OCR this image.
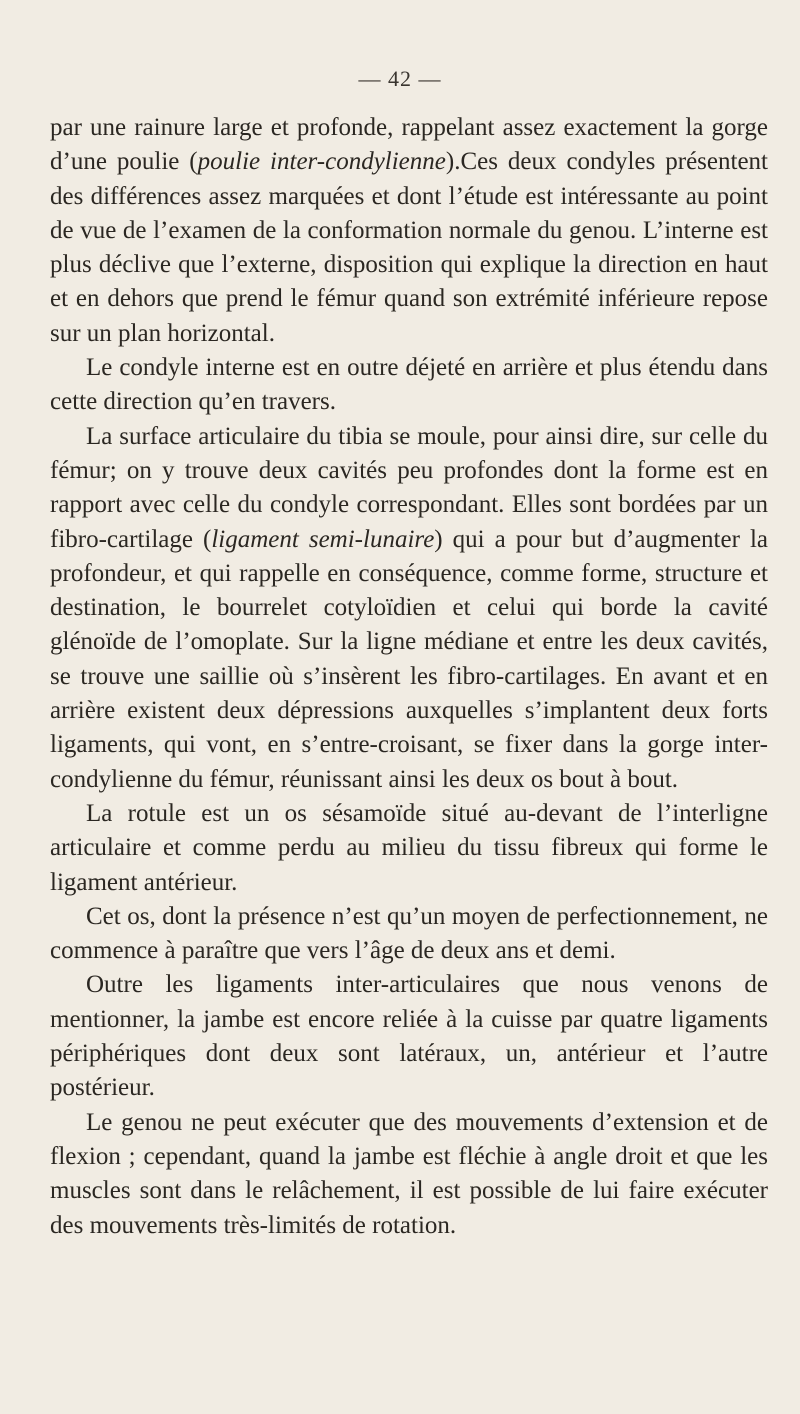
— 42 —

par une rainure large et profonde, rappelant assez exactement la gorge d’une poulie (poulie inter-condylienne).Ces deux condyles présentent des différences assez marquées et dont l’étude est intéressante au point de vue de l’examen de la conformation normale du genou. L’interne est plus déclive que l’externe, disposition qui explique la direction en haut et en dehors que prend le fémur quand son extrémité inférieure repose sur un plan horizontal.

Le condyle interne est en outre déjeté en arrière et plus étendu dans cette direction qu’en travers.

La surface articulaire du tibia se moule, pour ainsi dire, sur celle du fémur; on y trouve deux cavités peu profondes dont la forme est en rapport avec celle du condyle correspondant. Elles sont bordées par un fibro-cartilage (ligament semi-lunaire) qui a pour but d’augmenter la profondeur, et qui rappelle en conséquence, comme forme, structure et destination, le bourrelet cotyloïdien et celui qui borde la cavité glénoïde de l’omoplate. Sur la ligne médiane et entre les deux cavités, se trouve une saillie où s’insèrent les fibro-cartilages. En avant et en arrière existent deux dépressions auxquelles s’implantent deux forts ligaments, qui vont, en s’entre-croisant, se fixer dans la gorge inter-condylienne du fémur, réunissant ainsi les deux os bout à bout.

La rotule est un os sésamoïde situé au-devant de l’interligne articulaire et comme perdu au milieu du tissu fibreux qui forme le ligament antérieur.

Cet os, dont la présence n’est qu’un moyen de perfectionnement, ne commence à paraître que vers l’âge de deux ans et demi.

Outre les ligaments inter-articulaires que nous venons de mentionner, la jambe est encore reliée à la cuisse par quatre ligaments périphériques dont deux sont latéraux, un, antérieur et l’autre postérieur.

Le genou ne peut exécuter que des mouvements d’extension et de flexion ; cependant, quand la jambe est fléchie à angle droit et que les muscles sont dans le relâchement, il est possible de lui faire exécuter des mouvements très-limités de rotation.
